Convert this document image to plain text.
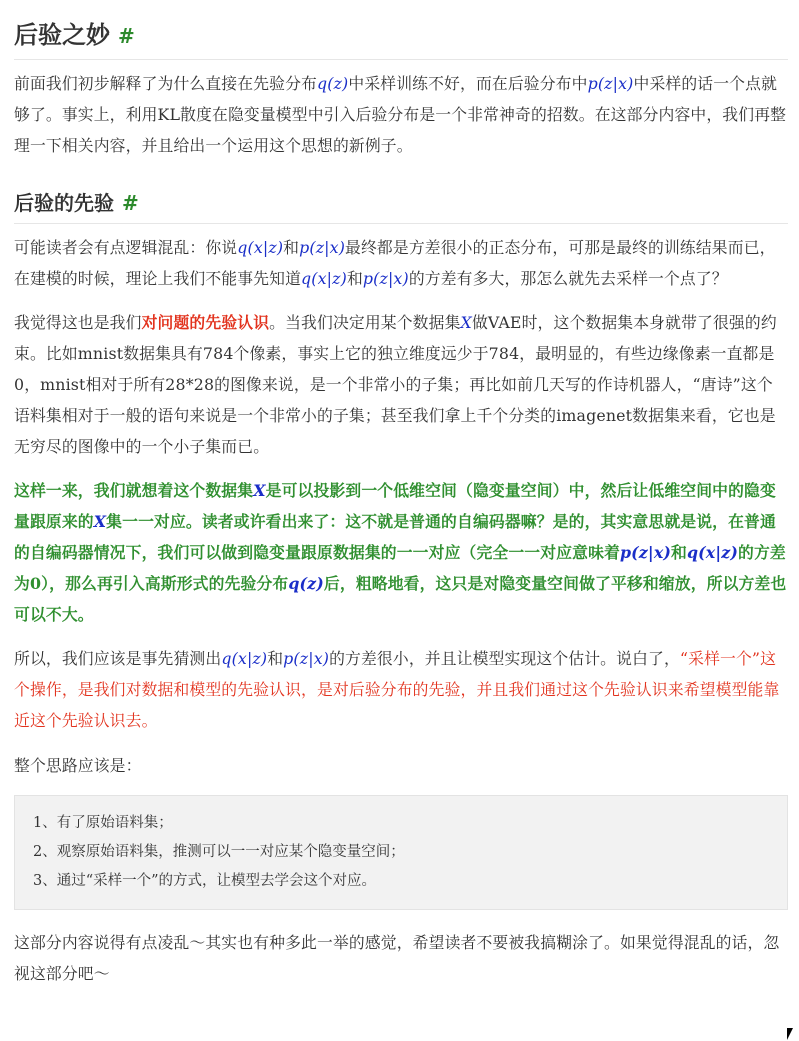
后验之妙 #

前面我们初步解释了为什么直接在先验分布q(z)中采样训练不好，而在后验分布中p(z|x)中采样的话一个点就够了。事实上，利用KL散度在隐变量模型中引入后验分布是一个非常神奇的招数。在这部分内容中，我们再整理一下相关内容，并且给出一个运用这个思想的新例子。

后验的先验 #

可能读者会有点逻辑混乱：你说q(x|z)和p(z|x)最终都是方差很小的正态分布，可那是最终的训练结果而已，在建模的时候，理论上我们不能事先知道q(x|z)和p(z|x)的方差有多大，那怎么就先去采样一个点了？

我觉得这也是我们对问题的先验认识。当我们决定用某个数据集X做VAE时，这个数据集本身就带了很强的约束。比如mnist数据集具有784个像素，事实上它的独立维度远少于784，最明显的，有些边缘像素一直都是0，mnist相对于所有28*28的图像来说，是一个非常小的子集；再比如前几天写的作诗机器人，“唐诗”这个语料集相对于一般的语句来说是一个非常小的子集；甚至我们拿上千个分类的imagenet数据集来看，它也是无穷尽的图像中的一个小子集而已。

这样一来，我们就想着这个数据集X是可以投影到一个低维空间（隐变量空间）中，然后让低维空间中的隐变量跟原来的X集一一对应。读者或许看出来了：这不就是普通的自编码器嘛？是的，其实意思就是说，在普通的自编码器情况下，我们可以做到隐变量跟原数据集的一一对应（完全一一对应意味着p(z|x)和q(x|z)的方差为0），那么再引入高斯形式的先验分布q(z)后，粗略地看，这只是对隐变量空间做了平移和缩放，所以方差也可以不大。

所以，我们应该是事先猜测出q(x|z)和p(z|x)的方差很小，并且让模型实现这个估计。说白了，“采样一个”这个操作，是我们对数据和模型的先验认识，是对后验分布的先验，并且我们通过这个先验认识来希望模型能靠近这个先验认识去。

整个思路应该是：

1、有了原始语料集；
2、观察原始语料集，推测可以一一对应某个隐变量空间；
3、通过“采样一个”的方式，让模型去学会这个对应。

这部分内容说得有点凌乱～其实也有种多此一举的感觉，希望读者不要被我搞糊涂了。如果觉得混乱的话，忽视这部分吧～
